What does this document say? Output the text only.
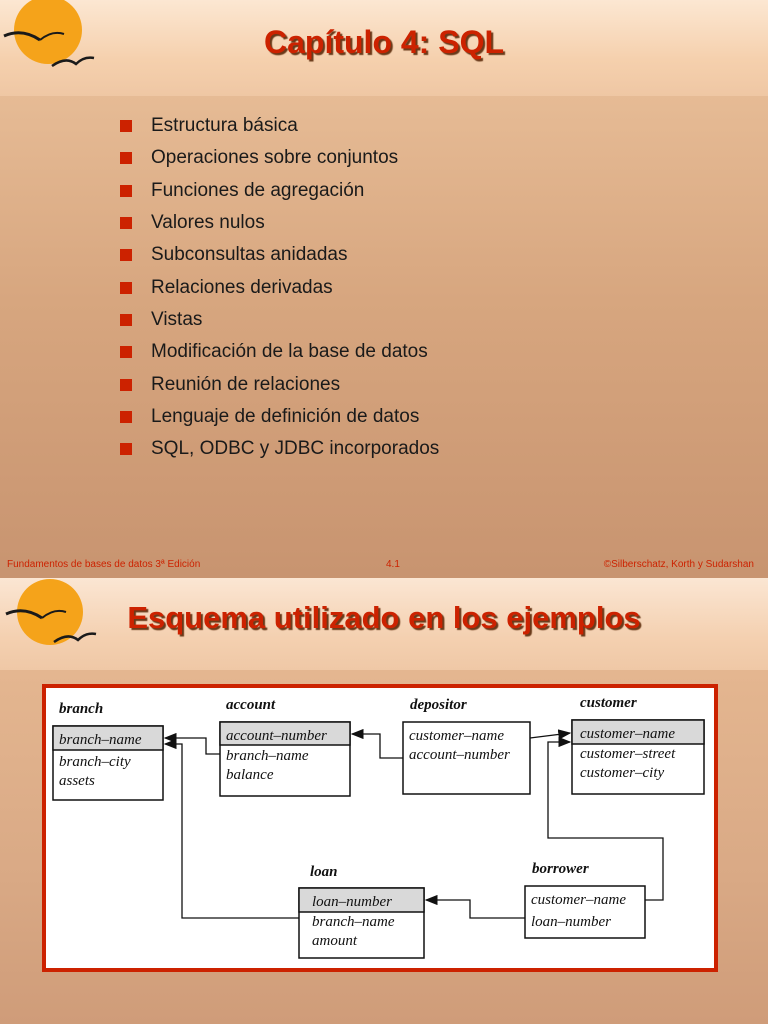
Capítulo 4: SQL
Estructura básica
Operaciones sobre conjuntos
Funciones de agregación
Valores nulos
Subconsultas anidadas
Relaciones derivadas
Vistas
Modificación de la base de datos
Reunión de relaciones
Lenguaje de definición de datos
SQL, ODBC y JDBC incorporados
Fundamentos de bases de datos 3ª Edición	4.1	©Silberschatz, Korth y Sudarshan
Esquema utilizado en los ejemplos
branch
branch–name
branch–city
assets
account
account–number
branch–name
balance
depositor
customer–name
account–number
customer
customer–name
customer–street
customer–city
loan
loan–number
branch–name
amount
borrower
customer–name
loan–number
